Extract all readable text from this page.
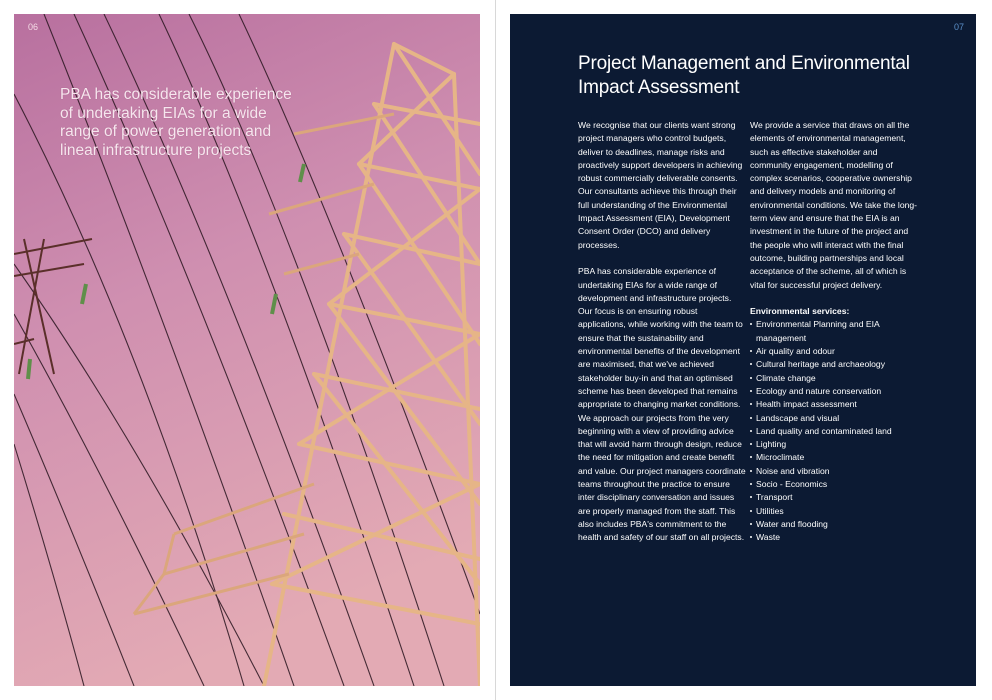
06
PBA has considerable experience of undertaking EIAs for a wide range of power generation and linear infrastructure projects
07
Project Management and Environmental
Impact Assessment

We recognise that our clients want strong project managers who control budgets, deliver to deadlines, manage risks and proactively support developers in achieving robust commercially deliverable consents. Our consultants achieve this through their full understanding of the Environmental Impact Assessment (EIA), Development Consent Order (DCO) and delivery processes.

PBA has considerable experience of undertaking EIAs for a wide range of development and infrastructure projects. Our focus is on ensuring robust applications, while working with the team to ensure that the sustainability and environmental benefits of the development are maximised, that we've achieved stakeholder buy-in and that an optimised scheme has been developed that remains appropriate to changing market conditions. We approach our projects from the very beginning with a view of providing advice that will avoid harm through design, reduce the need for mitigation and create benefit and value. Our project managers coordinate teams throughout the practice to ensure inter disciplinary conversation and issues are properly managed from the staff. This also includes PBA's commitment to the health and safety of our staff on all projects.

We provide a service that draws on all the elements of environmental management, such as effective stakeholder and community engagement, modelling of complex scenarios, cooperative ownership and delivery models and monitoring of environmental conditions. We take the long-term view and ensure that the EIA is an investment in the future of the project and the people who will interact with the final outcome, building partnerships and local acceptance of the scheme, all of which is vital for successful project delivery.

Environmental services:
Environmental Planning and EIA management
Air quality and odour
Cultural heritage and archaeology
Climate change
Ecology and nature conservation
Health impact assessment
Landscape and visual
Land quality and contaminated land
Lighting
Microclimate
Noise and vibration
Socio - Economics
Transport
Utilities
Water and flooding
Waste
